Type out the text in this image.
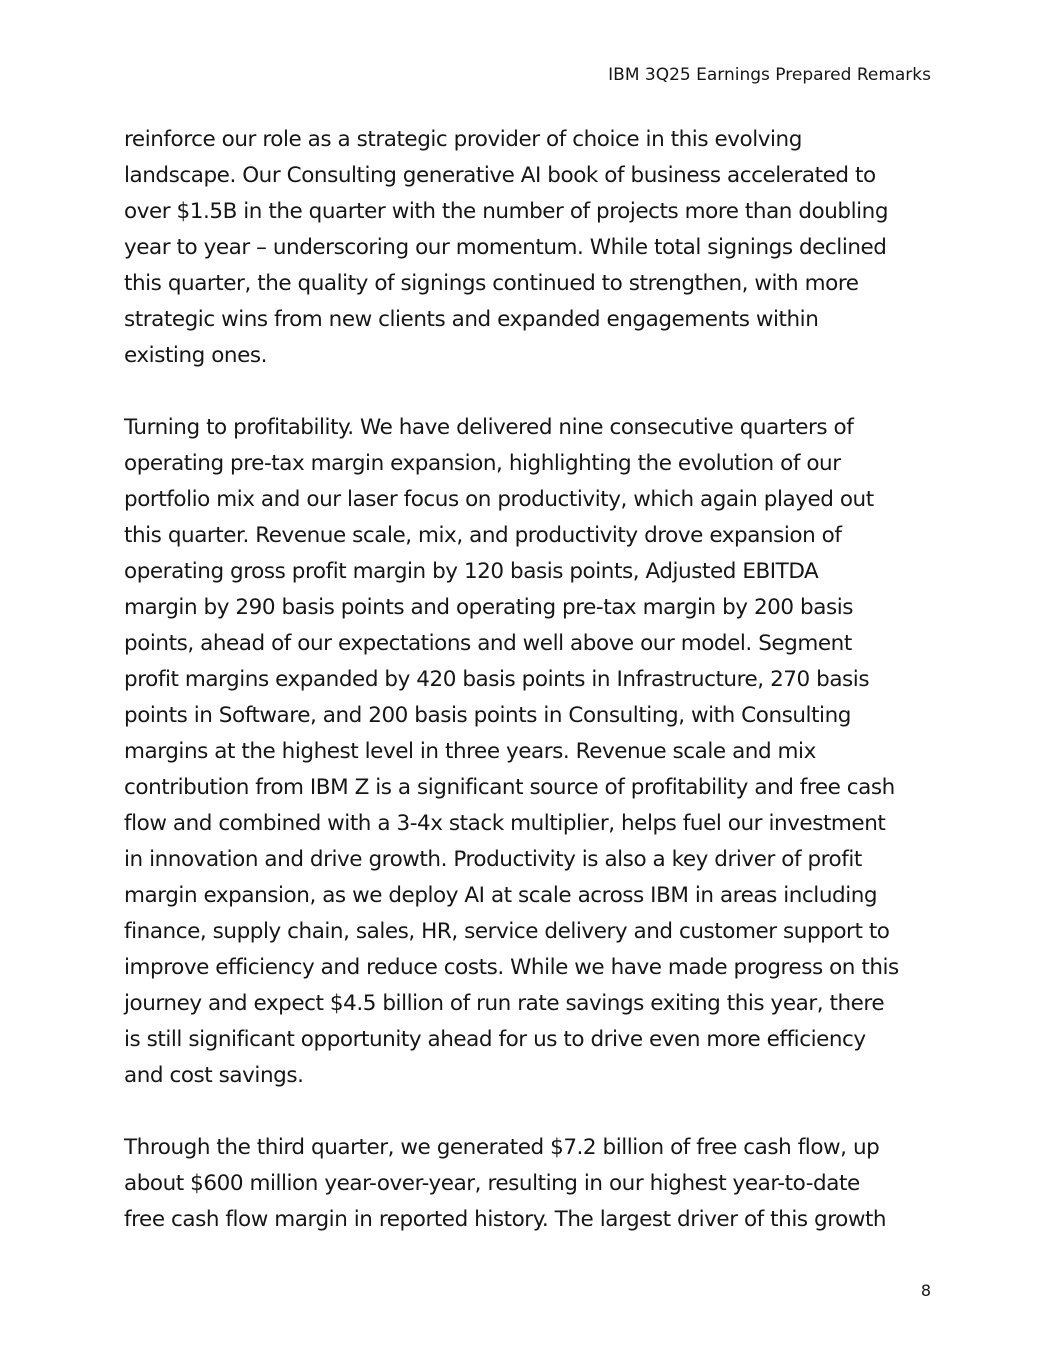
IBM 3Q25 Earnings Prepared Remarks

reinforce our role as a strategic provider of choice in this evolving
landscape. Our Consulting generative AI book of business accelerated to
over $1.5B in the quarter with the number of projects more than doubling
year to year – underscoring our momentum. While total signings declined
this quarter, the quality of signings continued to strengthen, with more
strategic wins from new clients and expanded engagements within
existing ones.

Turning to profitability. We have delivered nine consecutive quarters of
operating pre-tax margin expansion, highlighting the evolution of our
portfolio mix and our laser focus on productivity, which again played out
this quarter. Revenue scale, mix, and productivity drove expansion of
operating gross profit margin by 120 basis points, Adjusted EBITDA
margin by 290 basis points and operating pre-tax margin by 200 basis
points, ahead of our expectations and well above our model. Segment
profit margins expanded by 420 basis points in Infrastructure, 270 basis
points in Software, and 200 basis points in Consulting, with Consulting
margins at the highest level in three years. Revenue scale and mix
contribution from IBM Z is a significant source of profitability and free cash
flow and combined with a 3-4x stack multiplier, helps fuel our investment
in innovation and drive growth. Productivity is also a key driver of profit
margin expansion, as we deploy AI at scale across IBM in areas including
finance, supply chain, sales, HR, service delivery and customer support to
improve efficiency and reduce costs. While we have made progress on this
journey and expect $4.5 billion of run rate savings exiting this year, there
is still significant opportunity ahead for us to drive even more efficiency
and cost savings.

Through the third quarter, we generated $7.2 billion of free cash flow, up
about $600 million year-over-year, resulting in our highest year-to-date
free cash flow margin in reported history. The largest driver of this growth

8
